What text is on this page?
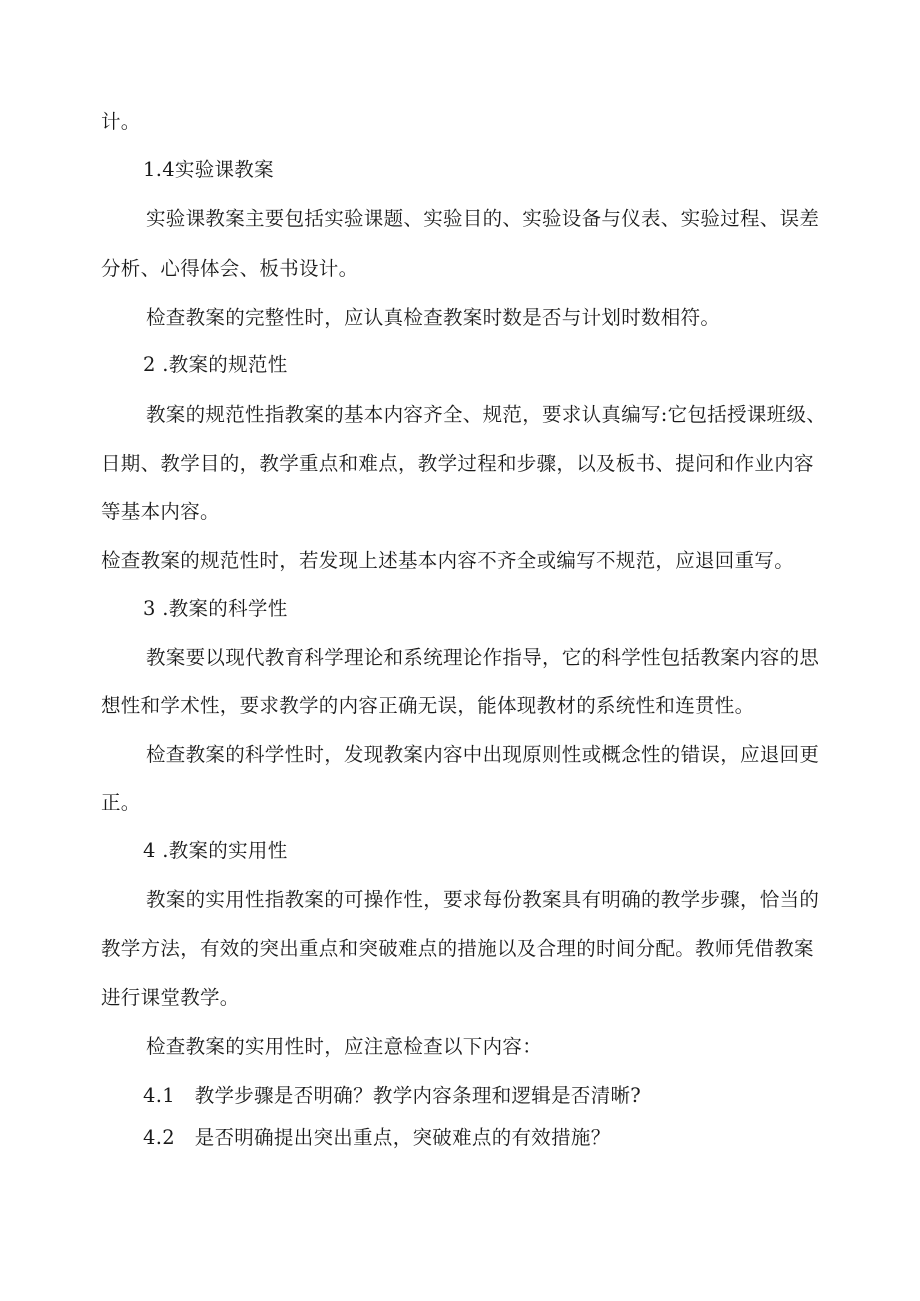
计。

1.4实验课教案

实验课教案主要包括实验课题、实验目的、实验设备与仪表、实验过程、误差

分析、心得体会、板书设计。

检查教案的完整性时，应认真检查教案时数是否与计划时数相符。

2 .教案的规范性

教案的规范性指教案的基本内容齐全、规范，要求认真编写:它包括授课班级、

日期、教学目的，教学重点和难点，教学过程和步骤，以及板书、提问和作业内容

等基本内容。

检查教案的规范性时，若发现上述基本内容不齐全或编写不规范，应退回重写。

3 .教案的科学性

教案要以现代教育科学理论和系统理论作指导，它的科学性包括教案内容的思

想性和学术性，要求教学的内容正确无误，能体现教材的系统性和连贯性。

检查教案的科学性时，发现教案内容中出现原则性或概念性的错误，应退回更

正。

4 .教案的实用性

教案的实用性指教案的可操作性，要求每份教案具有明确的教学步骤，恰当的

教学方法，有效的突出重点和突破难点的措施以及合理的时间分配。教师凭借教案

进行课堂教学。

检查教案的实用性时，应注意检查以下内容：

4.1　教学步骤是否明确？教学内容条理和逻辑是否清晰?

4.2　是否明确提出突出重点，突破难点的有效措施？
